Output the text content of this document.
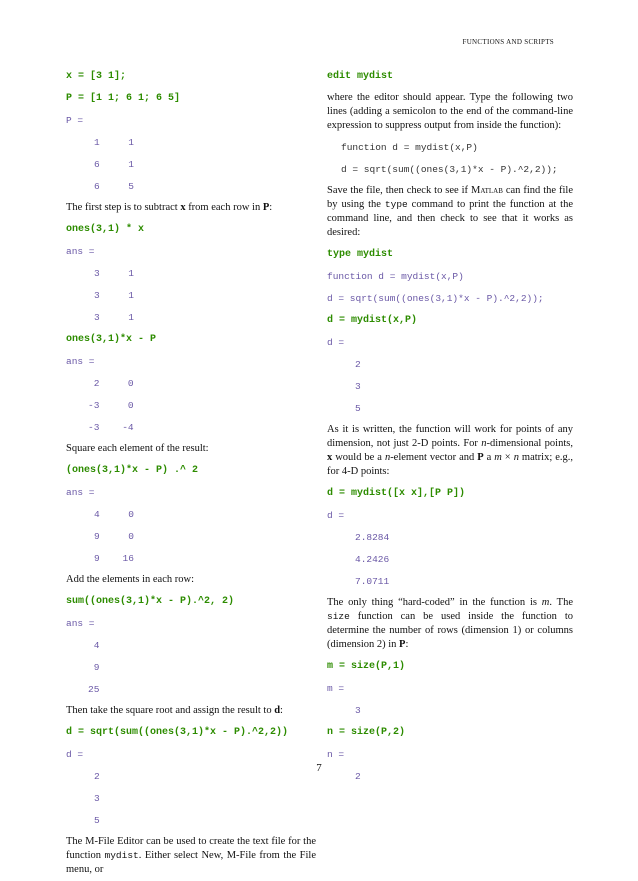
FUNCTIONS AND SCRIPTS
x = [3 1];
P = [1 1; 6 1; 6 5]
P =
1     1
6     1
6     5
The first step is to subtract x from each row in P:
ones(3,1) * x
ans =
3     1
3     1
3     1
ones(3,1)*x - P
ans =
2     0
-3     0
-3    -4
Square each element of the result:
(ones(3,1)*x - P) .^ 2
ans =
4     0
9     0
9    16
Add the elements in each row:
sum((ones(3,1)*x - P).^2, 2)
ans =
4
9
25
Then take the square root and assign the result to d:
d = sqrt(sum((ones(3,1)*x - P).^2,2))
d =
2
3
5
The M-File Editor can be used to create the text file for the function mydist. Either select New, M-File from the File menu, or
edit mydist
where the editor should appear. Type the following two lines (adding a semicolon to the end of the command-line expression to suppress output from inside the function):
function d = mydist(x,P)
d = sqrt(sum((ones(3,1)*x - P).^2,2));
Save the file, then check to see if Matlab can find the file by using the type command to print the function at the command line, and then check to see that it works as desired:
type mydist
function d = mydist(x,P)
d = sqrt(sum((ones(3,1)*x - P).^2,2));
d = mydist(x,P)
d =
2
3
5
As it is written, the function will work for points of any dimension, not just 2-D points. For n-dimensional points, x would be a n-element vector and P a m × n matrix; e.g., for 4-D points:
d = mydist([x x],[P P])
d =
2.8284
4.2426
7.0711
The only thing “hard-coded” in the function is m. The size function can be used inside the function to determine the number of rows (dimension 1) or columns (dimension 2) in P:
m = size(P,1)
m =
3
n = size(P,2)
n =
2
7
